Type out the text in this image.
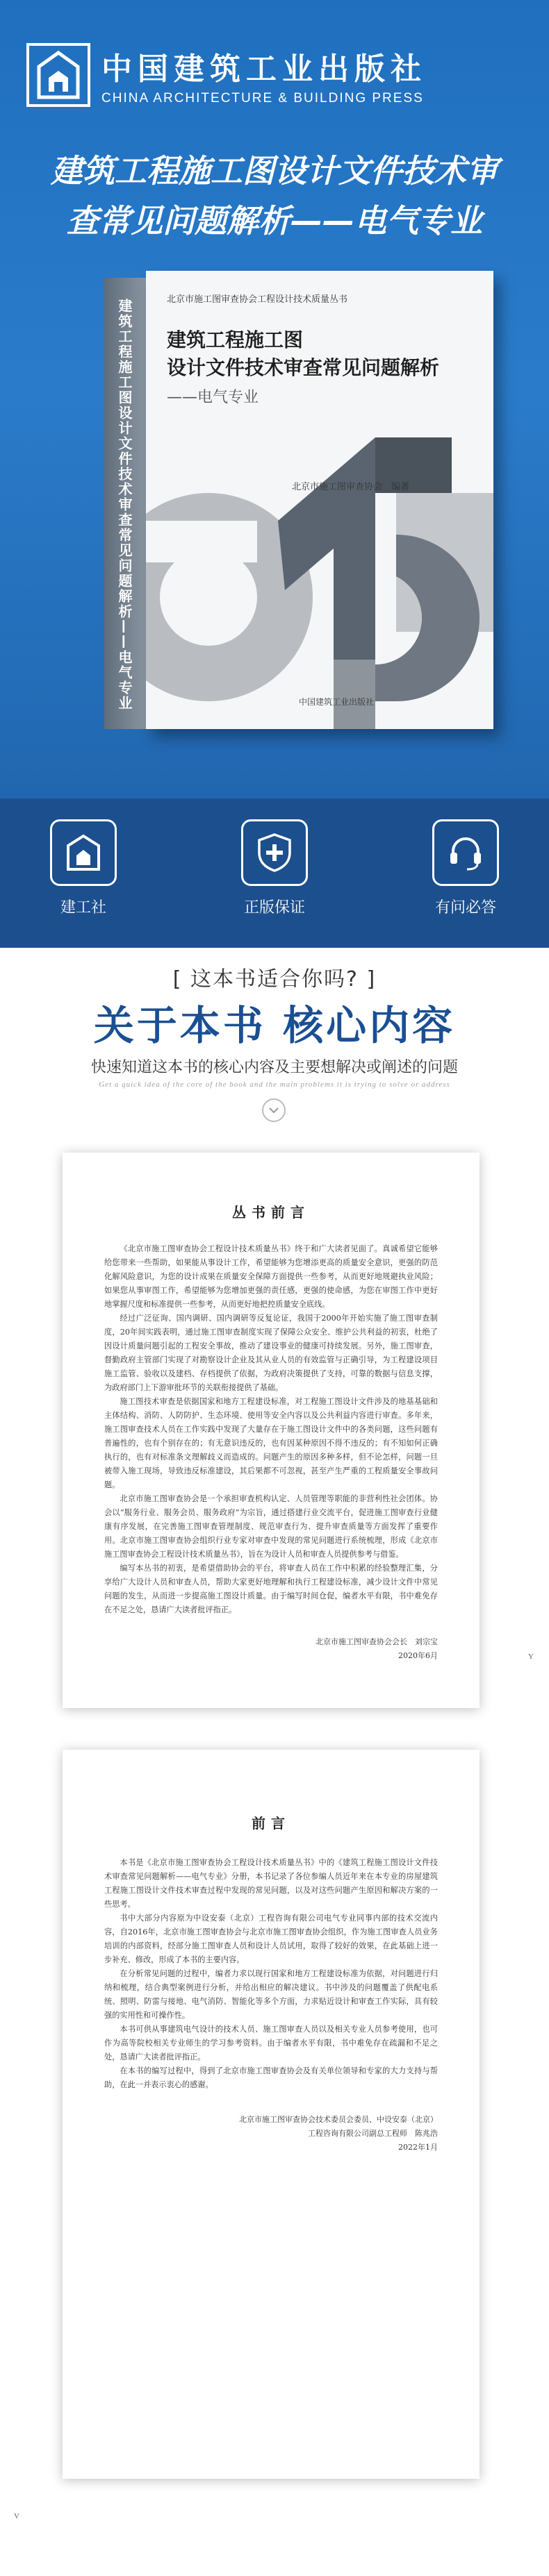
中国建筑工业出版社
CHINA ARCHITECTURE & BUILDING PRESS
建筑工程施工图设计文件技术审
查常见问题解析——电气专业
建筑工程施工图设计文件技术审查常见问题解析——电气专业	北京市施工图审查协会工程设计技术质量丛书
建筑工程施工图
设计文件技术审查常见问题解析
——电气专业
北京市施工图审查协会　编著
中国建筑工业出版社
建工社	正版保证	有问必答
[ 这本书适合你吗? ]
关于本书 核心内容
快速知道这本书的核心内容及主要想解决或阐述的问题
Get a quick idea of the core of the book and the main problems it is trying to solve or address
丛书前言

《北京市施工图审查协会工程设计技术质量丛书》终于和广大读者见面了。真诚希望它能够给您带来一些帮助，如果能从事设计工作，希望能够为您增添更高的质量安全意识，更强的防范化解风险意识，为您的设计成果在质量安全保障方面提供一些参考，从而更好地规避执业风险；如果您从事审图工作，希望能够为您增加更强的责任感，更强的使命感，为您在审图工作中更好地掌握尺度和标准提供一些参考，从而更好地把控质量安全底线。

经过广泛征询、国内调研、国内调研等反复论证，我国于2000年开始实施了施工图审查制度，20年间实践表明，通过施工图审查制度实现了保障公众安全、维护公共利益的初衷，杜绝了因设计质量问题引起的工程安全事故，推动了建设事业的健康可持续发展。另外，施工图审查，督勤政府主管部门实现了对勘察设计企业及其从业人员的有效监管与正确引导，为工程建设项目施工监管、验收以及建档、存档提供了依据，为政府决策提供了支持，可靠的数据与信息支撑，为政府部门上下游审批环节的关联衔接提供了基础。

施工图技术审查是依据国家和地方工程建设标准，对工程施工图设计文件涉及的地基基础和主体结构、消防、人防防护、生态环境、使用等安全内容以及公共利益内容进行审查。多年来，施工图审查技术人员在工作实践中发现了大量存在于施工图设计文件中的各类问题，这些问题有普遍性的，也有个别存在的；有无意识违反的，也有因某种原因不得不违反的；有不知如何正确执行的，也有对标准条文理解歧义而造成的。问题产生的原因多种多样，但不论怎样，问题一旦被带入施工现场，导致违反标准建设，其后果都不可忽视，甚至产生严重的工程质量安全事故问题。

北京市施工图审查协会是一个承担审查机构认定、人员管理等职能的非营利性社会团体。协会以“服务行业、服务会员、服务政府”为宗旨，通过搭建行业交流平台，促进施工图审查行业健康有序发展，在完善施工图审查管理制度、规范审查行为、提升审查质量等方面发挥了重要作用。北京市施工图审查协会组织行业专家对审查中发现的常见问题进行系统梳理，形成《北京市施工图审查协会工程设计技术质量丛书》，旨在为设计人员和审查人员提供参考与借鉴。

编写本丛书的初衷，是希望借助协会的平台，将审查人员在工作中积累的经验整理汇集，分享给广大设计人员和审查人员，帮助大家更好地理解和执行工程建设标准，减少设计文件中常见问题的发生，从而进一步提高施工图设计质量。由于编写时间仓促，编者水平有限，书中难免存在不足之处，恳请广大读者批评指正。

北京市施工图审查协会会长　刘宗宝
2020年6月	Y
前言

本书是《北京市施工图审查协会工程设计技术质量丛书》中的《建筑工程施工图设计文件技术审查常见问题解析——电气专业》分册，本书记录了各位参编人员近年来在本专业的房屋建筑工程施工图设计文件技术审查过程中发现的常见问题，以及对这些问题产生原因和解决方案的一些思考。

书中大部分内容原为中设安泰（北京）工程咨询有限公司电气专业同事内部的技术交流内容，自2016年，北京市施工图审查协会与北京市施工图审查协会组织，作为施工图审查人员业务培训的内部资料，经部分施工图审查人员和设计人员试用，取得了较好的效果，在此基础上进一步补充、修改，形成了本书的主要内容。

在分析常见问题的过程中，编者力求以现行国家和地方工程建设标准为依据，对问题进行归纳和梳理，结合典型案例进行分析，并给出相应的解决建议。书中涉及的问题覆盖了供配电系统、照明、防雷与接地、电气消防、智能化等多个方面，力求贴近设计和审查工作实际，具有较强的实用性和可操作性。

本书可供从事建筑电气设计的技术人员、施工图审查人员以及相关专业人员参考使用，也可作为高等院校相关专业师生的学习参考资料。由于编者水平有限，书中难免存在疏漏和不足之处，恳请广大读者批评指正。

在本书的编写过程中，得到了北京市施工图审查协会及有关单位领导和专家的大力支持与帮助，在此一并表示衷心的感谢。

北京市施工图审查协会技术委员会委员、中设安泰（北京）
工程咨询有限公司副总工程师　陈兆浩
2022年1月
V
